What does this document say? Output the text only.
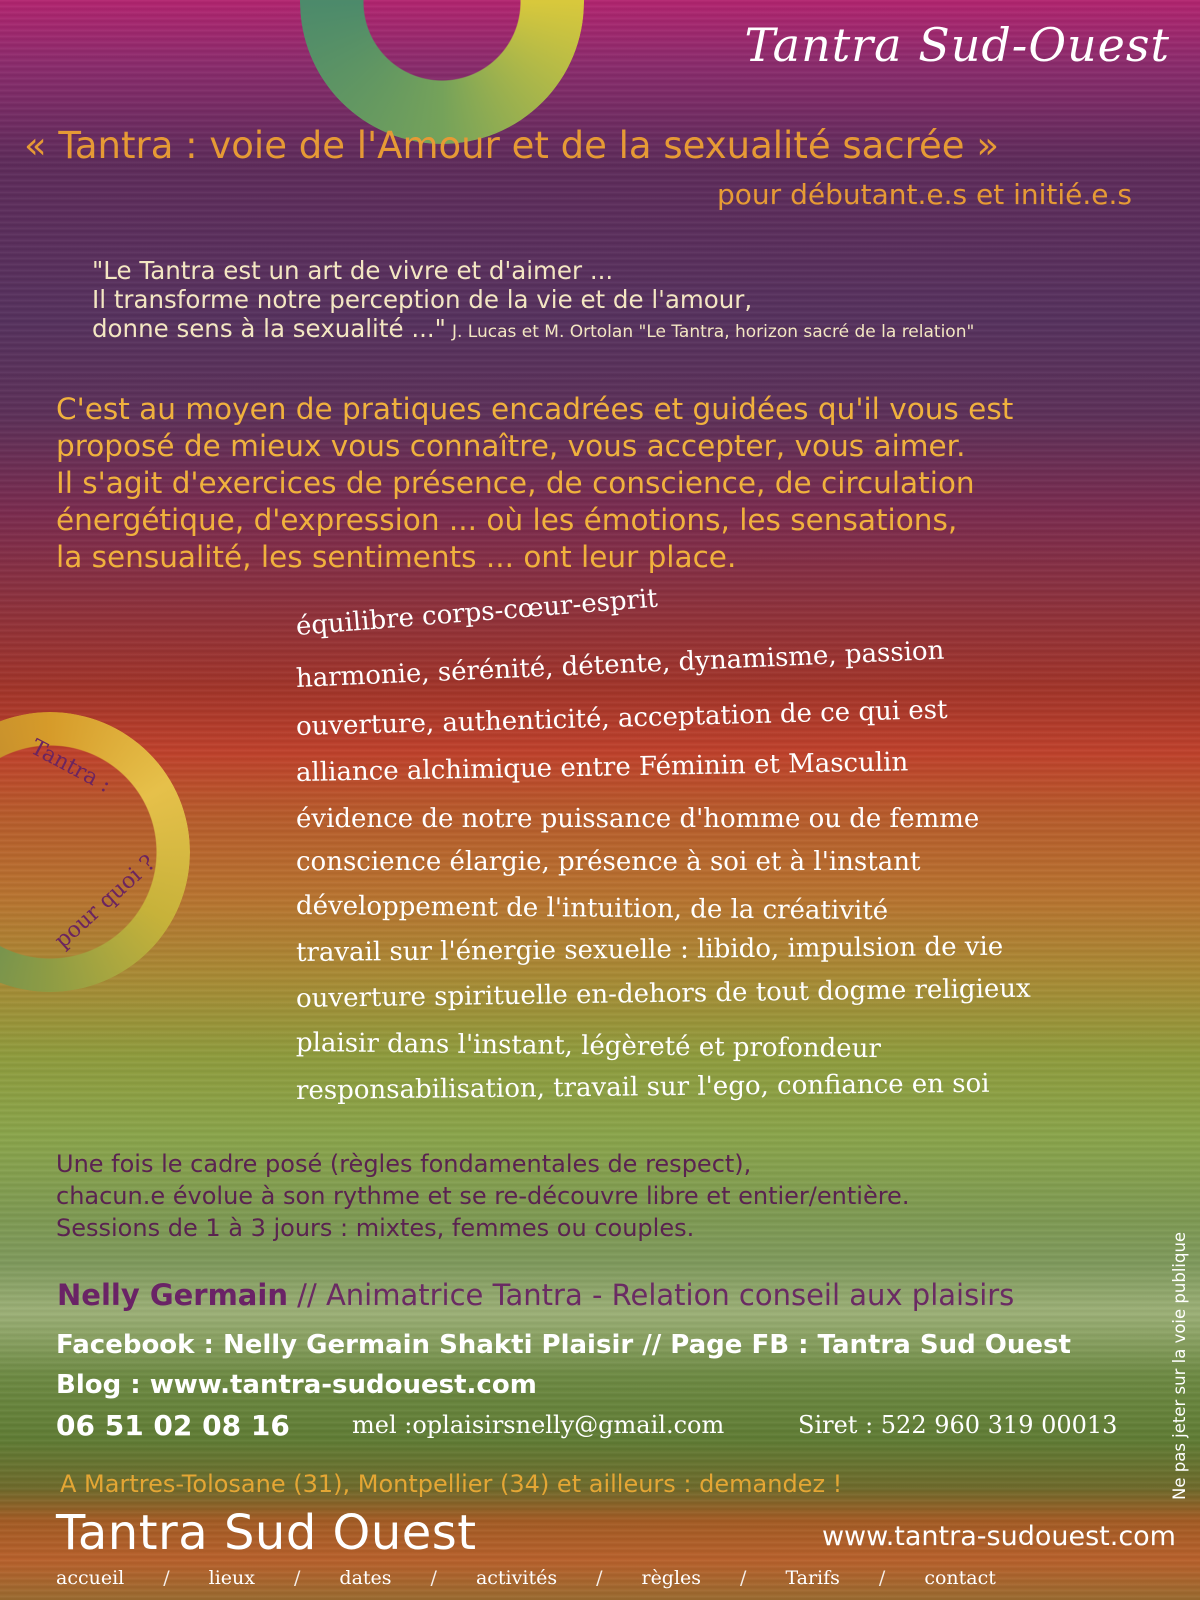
Tantra :
pour quoi ?
Tantra Sud-Ouest
« Tantra : voie de l'Amour et de la sexualité sacrée »
pour débutant.e.s et initié.e.s
"Le Tantra est un art de vivre et d'aimer ...
Il transforme notre perception de la vie et de l'amour,
donne sens à la sexualité ..." J. Lucas et M. Ortolan "Le Tantra, horizon sacré de la relation"
C'est au moyen de pratiques encadrées et guidées qu'il vous est
proposé de mieux vous connaître, vous accepter, vous aimer.
Il s'agit d'exercices de présence, de conscience, de circulation
énergétique, d'expression ... où les émotions, les sensations,
la sensualité, les sentiments ... ont leur place.
équilibre corps-cœur-esprit
harmonie, sérénité, détente, dynamisme, passion
ouverture, authenticité, acceptation de ce qui est
alliance alchimique entre Féminin et Masculin
évidence de notre puissance d'homme ou de femme
conscience élargie, présence à soi et à l'instant
développement de l'intuition, de la créativité
travail sur l'énergie sexuelle : libido, impulsion de vie
ouverture spirituelle en-dehors de tout dogme religieux
plaisir dans l'instant, légèreté et profondeur
responsabilisation, travail sur l'ego, confiance en soi
Une fois le cadre posé (règles fondamentales de respect),
chacun.e évolue à son rythme et se re-découvre libre et entier/entière.
Sessions de 1 à 3 jours : mixtes, femmes ou couples.
Nelly Germain // Animatrice Tantra - Relation conseil aux plaisirs
Facebook : Nelly Germain Shakti Plaisir // Page FB : Tantra Sud Ouest
Blog : www.tantra-sudouest.com
06 51 02 08 16	mel :oplaisirsnelly@gmail.com	Siret : 522 960 319 00013
A Martres-Tolosane (31), Montpellier (34) et ailleurs : demandez !	Ne pas jeter sur la voie publique
Tantra Sud Ouest	www.tantra-sudouest.com
accueil / lieux / dates / activités / règles / Tarifs / contact
